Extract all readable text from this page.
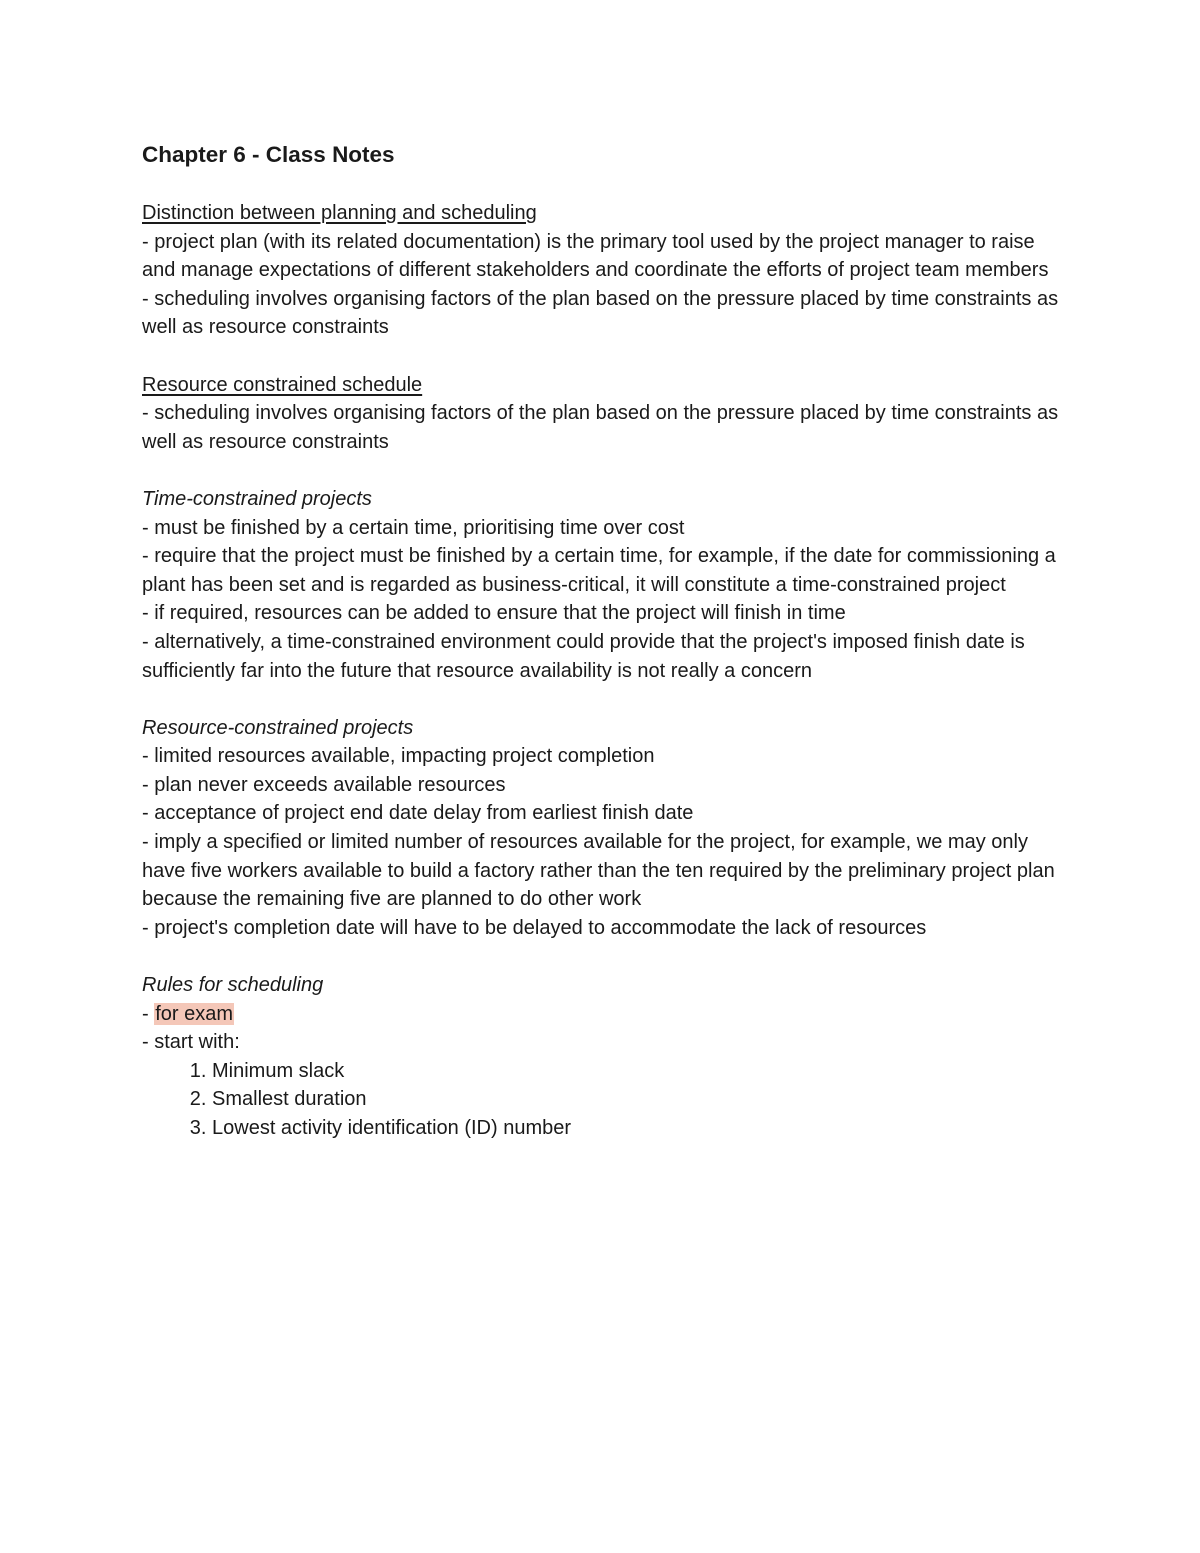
Chapter 6 - Class Notes

Distinction between planning and scheduling

- project plan (with its related documentation) is the primary tool used by the project manager to raise and manage expectations of different stakeholders and coordinate the efforts of project team members

- scheduling involves organising factors of the plan based on the pressure placed by time constraints as well as resource constraints

Resource constrained schedule

- scheduling involves organising factors of the plan based on the pressure placed by time constraints as well as resource constraints

Time-constrained projects

- must be finished by a certain time, prioritising time over cost

- require that the project must be finished by a certain time, for example, if the date for commissioning a plant has been set and is regarded as business-critical, it will constitute a time-constrained project

- if required, resources can be added to ensure that the project will finish in time

- alternatively, a time-constrained environment could provide that the project's imposed finish date is sufficiently far into the future that resource availability is not really a concern

Resource-constrained projects

- limited resources available, impacting project completion

- plan never exceeds available resources

- acceptance of project end date delay from earliest finish date

- imply a specified or limited number of resources available for the project, for example, we may only have five workers available to build a factory rather than the ten required by the preliminary project plan because the remaining five are planned to do other work

- project's completion date will have to be delayed to accommodate the lack of resources

Rules for scheduling

- for exam

- start with:

1. Minimum slack
2. Smallest duration
3. Lowest activity identification (ID) number
